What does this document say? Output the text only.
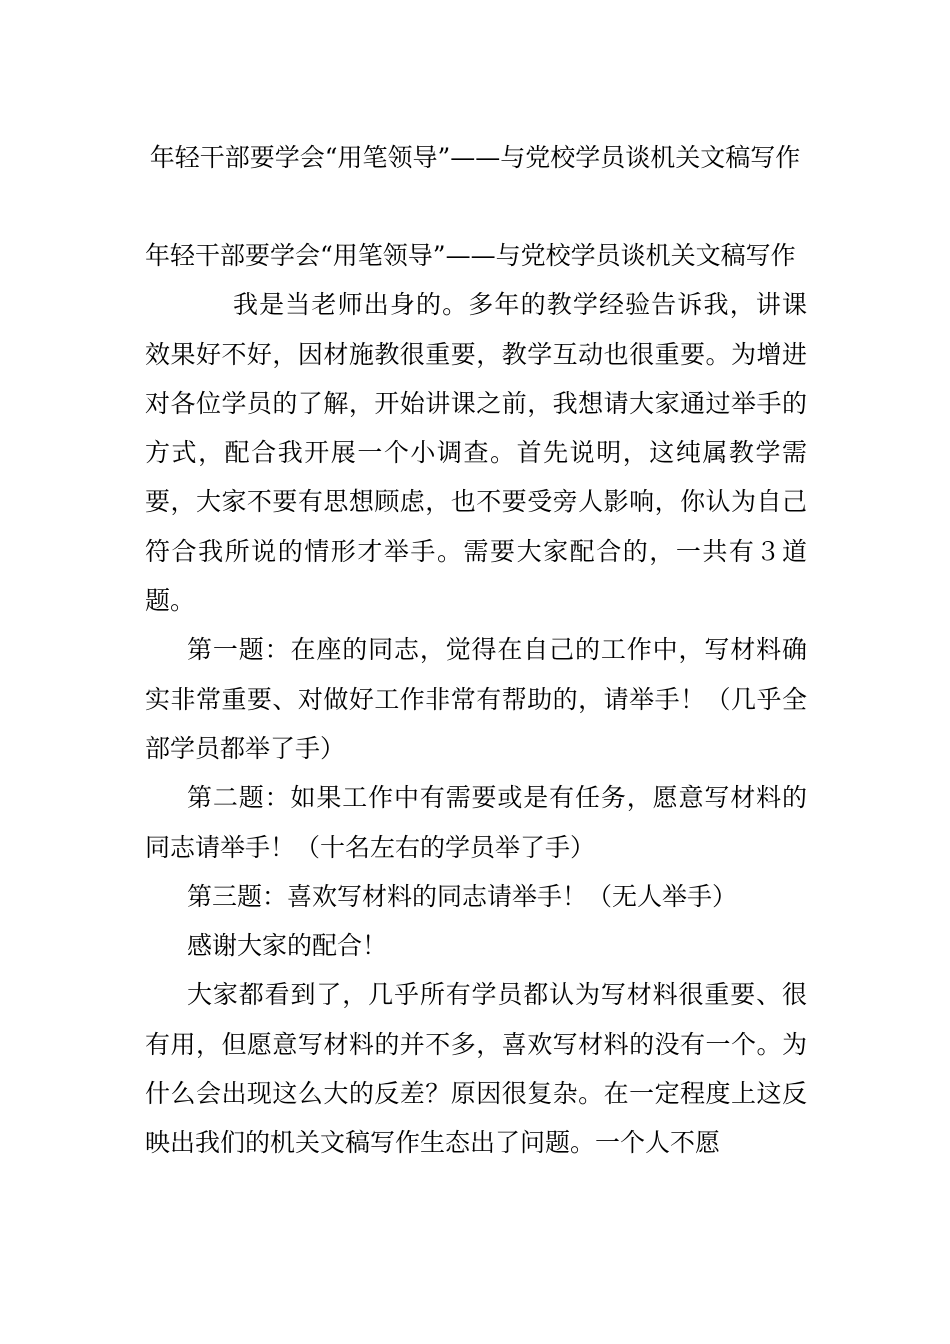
年轻干部要学会“用笔领导”——与党校学员谈机关文稿写作

年轻干部要学会“用笔领导”——与党校学员谈机关文稿写作

我是当老师出身的。多年的教学经验告诉我，讲课效果好不好，因材施教很重要，教学互动也很重要。为增进对各位学员的了解，开始讲课之前，我想请大家通过举手的方式，配合我开展一个小调查。首先说明，这纯属教学需要，大家不要有思想顾虑，也不要受旁人影响，你认为自己符合我所说的情形才举手。需要大家配合的，一共有３道题。

第一题：在座的同志，觉得在自己的工作中，写材料确实非常重要、对做好工作非常有帮助的，请举手！（几乎全部学员都举了手）

第二题：如果工作中有需要或是有任务，愿意写材料的同志请举手！（十名左右的学员举了手）

第三题：喜欢写材料的同志请举手！（无人举手）

感谢大家的配合！

大家都看到了，几乎所有学员都认为写材料很重要、很有用，但愿意写材料的并不多，喜欢写材料的没有一个。为什么会出现这么大的反差？原因很复杂。在一定程度上这反映出我们的机关文稿写作生态出了问题。一个人不愿
